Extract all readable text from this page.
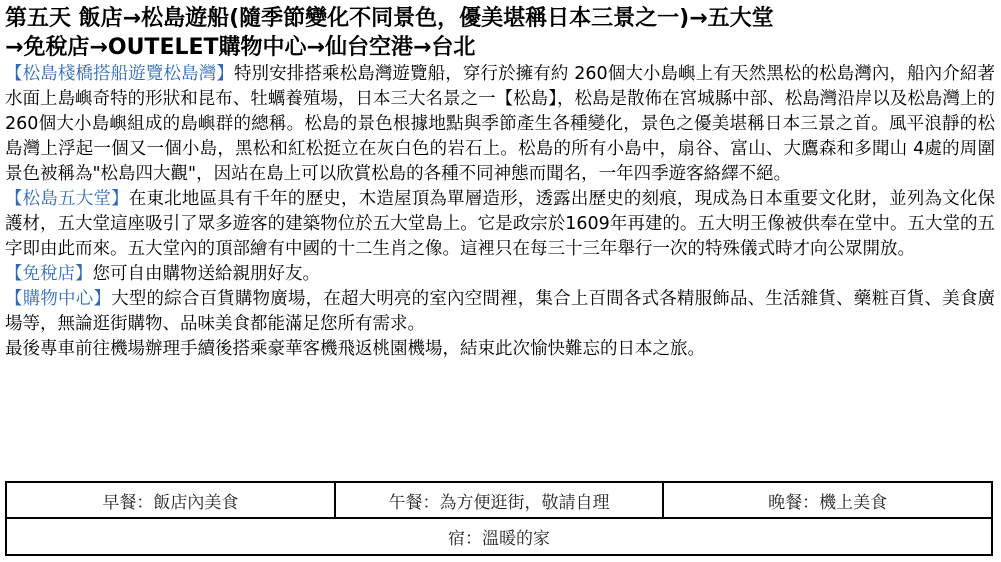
第五天 飯店→松島遊船(隨季節變化不同景色，優美堪稱日本三景之一)→五大堂
→免稅店→OUTELET購物中心→仙台空港→台北

【松島棧橋搭船遊覽松島灣】特別安排搭乘松島灣遊覽船，穿行於擁有約 260個大小島嶼上有天然黑松的松島灣內，船內介紹著水面上島嶼奇特的形狀和昆布、牡蠣養殖場，日本三大名景之一【松島】，松島是散佈在宮城縣中部、松島灣沿岸以及松島灣上的 260個大小島嶼組成的島嶼群的總稱。松島的景色根據地點與季節產生各種變化，景色之優美堪稱日本三景之首。風平浪靜的松島灣上浮起一個又一個小島，黑松和紅松挺立在灰白色的岩石上。松島的所有小島中，扇谷、富山、大鷹森和多聞山 4處的周圍景色被稱為"松島四大觀"，因站在島上可以欣賞松島的各種不同神態而聞名，一年四季遊客絡繹不絕。

【松島五大堂】在東北地區具有千年的歷史，木造屋頂為單層造形，透露出歷史的刻痕，現成為日本重要文化財，並列為文化保護材，五大堂這座吸引了眾多遊客的建築物位於五大堂島上。它是政宗於1609年再建的。五大明王像被供奉在堂中。五大堂的五字即由此而來。五大堂內的頂部繪有中國的十二生肖之像。這裡只在每三十三年舉行一次的特殊儀式時才向公眾開放。

【免稅店】您可自由購物送給親朋好友。

【購物中心】大型的綜合百貨購物廣場，在超大明亮的室內空間裡，集合上百間各式各精服飾品、生活雜貨、藥粧百貨、美食廣場等，無論逛街購物、品味美食都能滿足您所有需求。

最後專車前往機場辦理手續後搭乘豪華客機飛返桃園機場，結束此次愉快難忘的日本之旅。

早餐：飯店內美食	午餐：為方便逛街，敬請自理	晚餐：機上美食
宿：溫暖的家
